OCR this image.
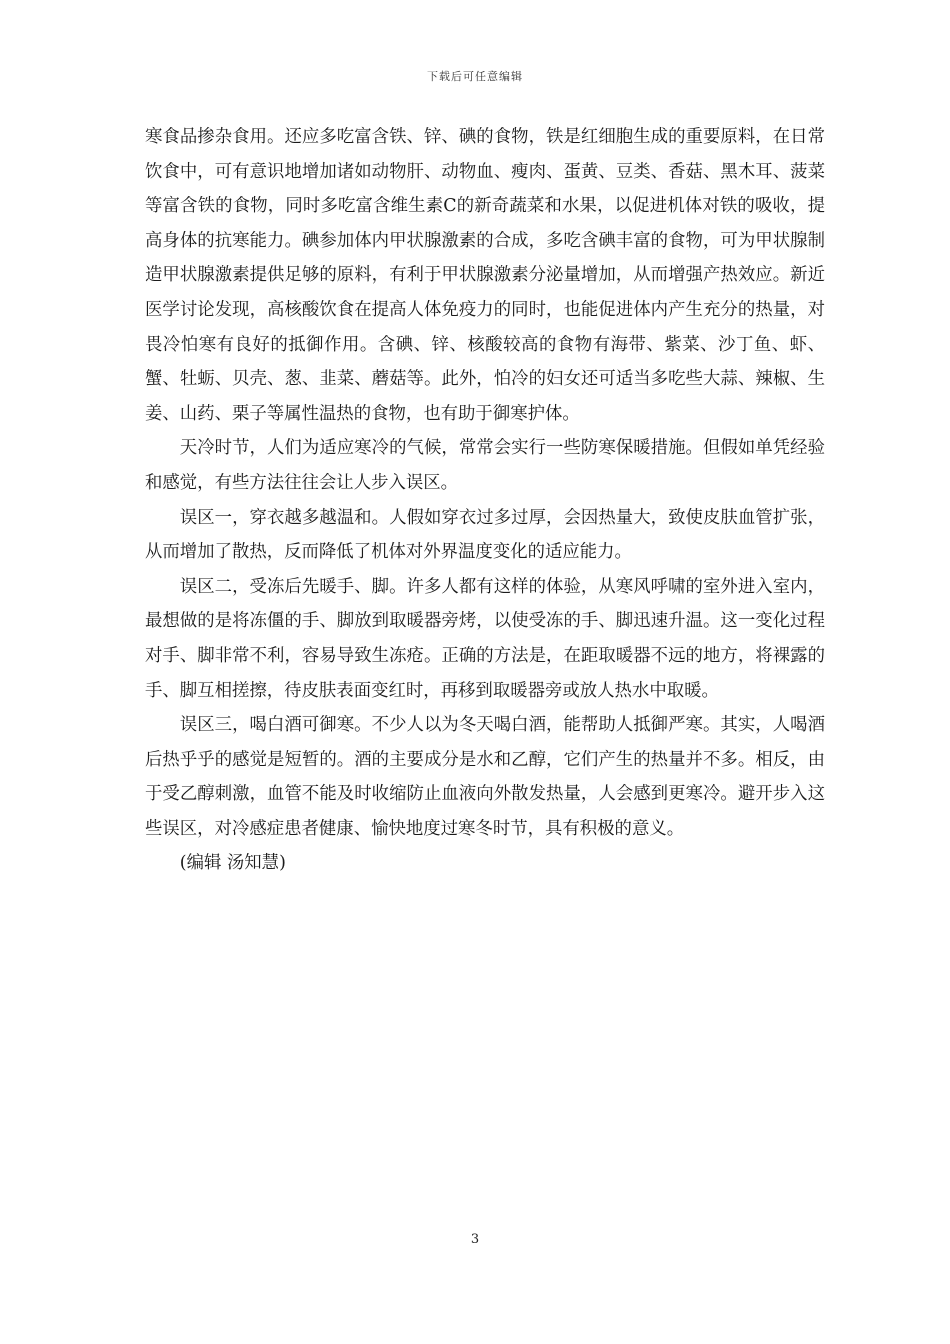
下载后可任意编辑

寒食品掺杂食用。还应多吃富含铁、锌、碘的食物，铁是红细胞生成的重要原料，在日常饮食中，可有意识地增加诸如动物肝、动物血、瘦肉、蛋黄、豆类、香菇、黑木耳、菠菜等富含铁的食物，同时多吃富含维生素C的新奇蔬菜和水果，以促进机体对铁的吸收，提高身体的抗寒能力。碘参加体内甲状腺激素的合成，多吃含碘丰富的食物，可为甲状腺制造甲状腺激素提供足够的原料，有利于甲状腺激素分泌量增加，从而增强产热效应。新近医学讨论发现，高核酸饮食在提高人体免疫力的同时，也能促进体内产生充分的热量，对畏冷怕寒有良好的抵御作用。含碘、锌、核酸较高的食物有海带、紫菜、沙丁鱼、虾、蟹、牡蛎、贝壳、葱、韭菜、蘑菇等。此外，怕冷的妇女还可适当多吃些大蒜、辣椒、生姜、山药、栗子等属性温热的食物，也有助于御寒护体。

天冷时节，人们为适应寒冷的气候，常常会实行一些防寒保暖措施。但假如单凭经验和感觉，有些方法往往会让人步入误区。

误区一，穿衣越多越温和。人假如穿衣过多过厚，会因热量大，致使皮肤血管扩张，从而增加了散热，反而降低了机体对外界温度变化的适应能力。

误区二，受冻后先暖手、脚。许多人都有这样的体验，从寒风呼啸的室外进入室内，最想做的是将冻僵的手、脚放到取暖器旁烤，以使受冻的手、脚迅速升温。这一变化过程对手、脚非常不利，容易导致生冻疮。正确的方法是，在距取暖器不远的地方，将裸露的手、脚互相搓擦，待皮肤表面变红时，再移到取暖器旁或放人热水中取暖。

误区三，喝白酒可御寒。不少人以为冬天喝白酒，能帮助人抵御严寒。其实，人喝酒后热乎乎的感觉是短暂的。酒的主要成分是水和乙醇，它们产生的热量并不多。相反，由于受乙醇刺激，血管不能及时收缩防止血液向外散发热量，人会感到更寒冷。避开步入这些误区，对冷感症患者健康、愉快地度过寒冬时节，具有积极的意义。

(编辑 汤知慧)

3
